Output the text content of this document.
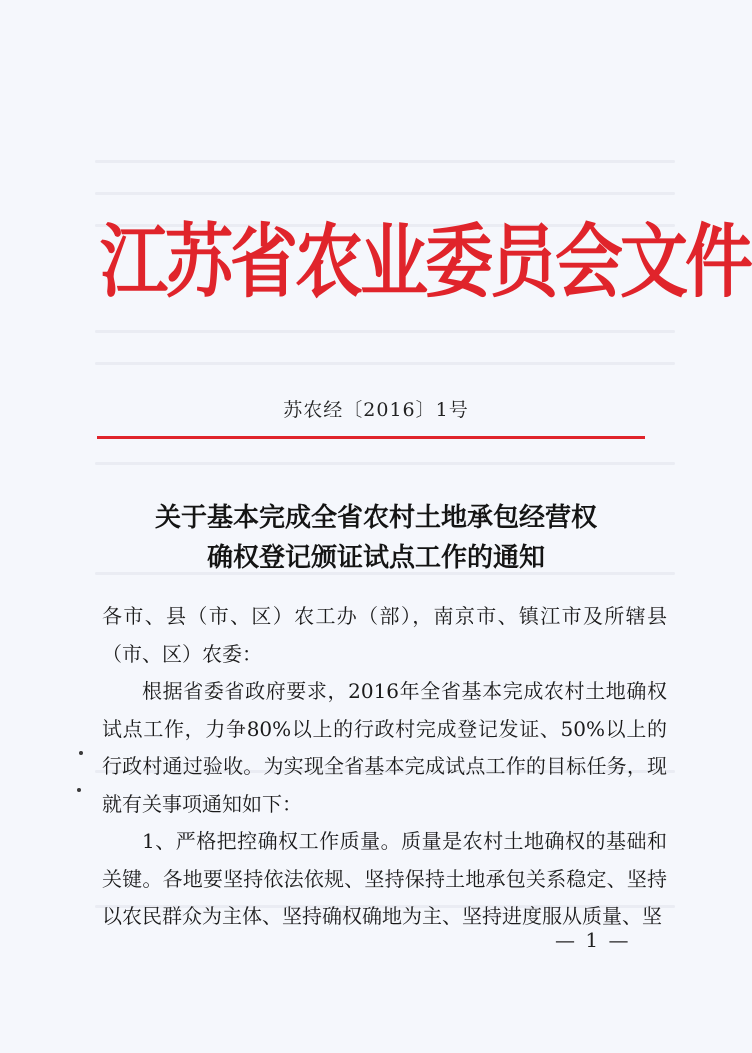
江苏省农业委员会文件
苏农经〔2016〕1号
关于基本完成全省农村土地承包经营权
确权登记颁证试点工作的通知

各市、县（市、区）农工办（部），南京市、镇江市及所辖县（市、区）农委：

根据省委省政府要求，2016年全省基本完成农村土地确权试点工作，力争80%以上的行政村完成登记发证、50%以上的行政村通过验收。为实现全省基本完成试点工作的目标任务，现就有关事项通知如下：

1、严格把控确权工作质量。质量是农村土地确权的基础和关键。各地要坚持依法依规、坚持保持土地承包关系稳定、坚持以农民群众为主体、坚持确权确地为主、坚持进度服从质量、坚

— 1 —
